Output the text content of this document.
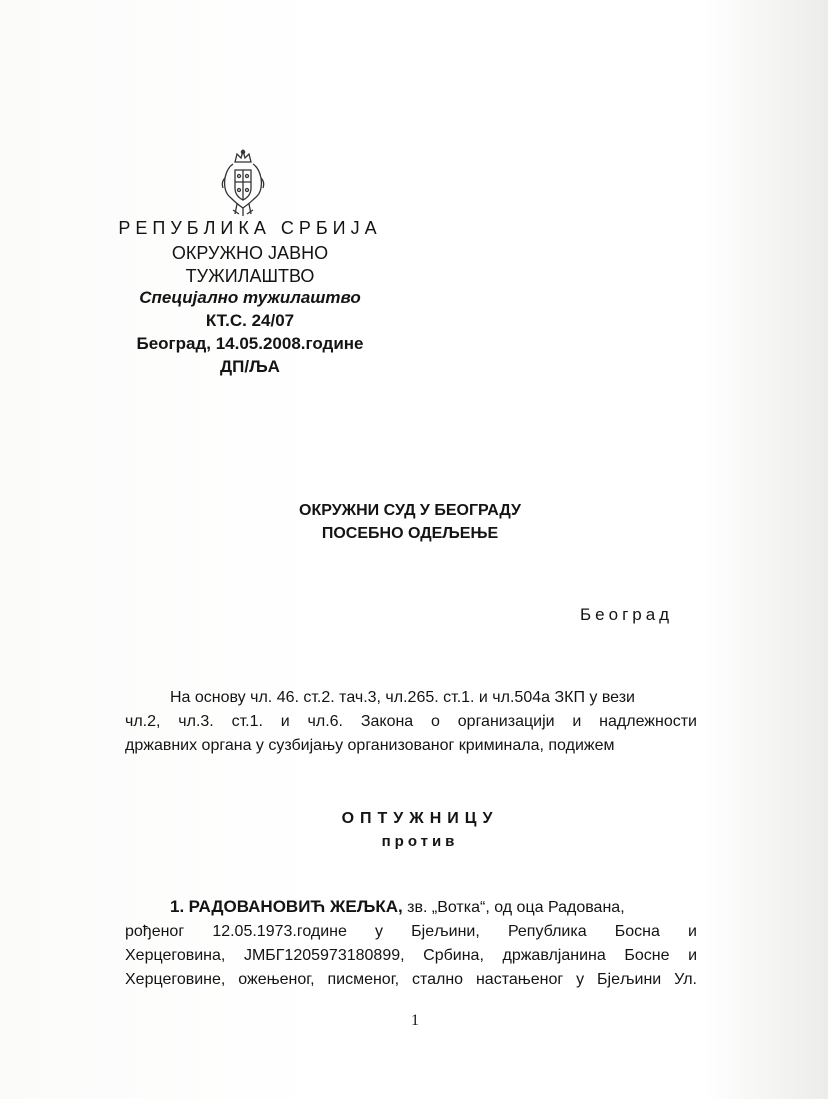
РЕПУБЛИКА СРБИЈА
ОКРУЖНО ЈАВНО
ТУЖИЛАШТВО
Специјално тужилаштво
КТ.С. 24/07
Београд, 14.05.2008.године
ДП/ЉА
ОКРУЖНИ СУД У БЕОГРАДУ
ПОСЕБНО ОДЕЉЕЊЕ
Београд
На основу чл. 46. ст.2. тач.3, чл.265. ст.1. и чл.504а ЗКП у вези
чл.2, чл.3. ст.1. и чл.6. Закона о организацији и надлежности
државних органа у сузбијању организованог криминала, подижем
ОПТУЖНИЦУ
против
1. РАДОВАНОВИЋ ЖЕЉКА, зв. „Вотка“, од оца Радована,
рођеног 12.05.1973.године у Бјељини, Република Босна и
Херцеговина, ЈМБГ1205973180899, Србина, државлјанина Босне и
Херцеговине, ожењеног, писменог, стално настањеног у Бјељини Ул.
1
